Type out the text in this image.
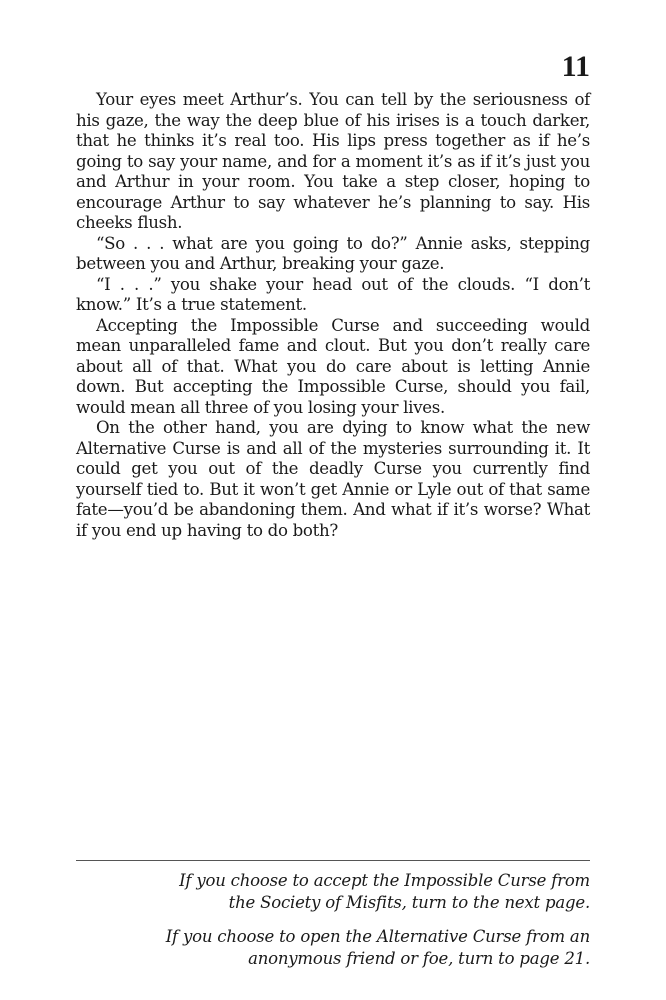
11

Your eyes meet Arthur’s. You can tell by the seriousness of his gaze, the way the deep blue of his irises is a touch darker, that he thinks it’s real too. His lips press together as if he’s going to say your name, and for a moment it’s as if it’s just you and Arthur in your room. You take a step closer, hoping to encourage Arthur to say whatever he’s planning to say. His cheeks flush.

“So . . . what are you going to do?” Annie asks, stepping between you and Arthur, breaking your gaze.

“I . . .” you shake your head out of the clouds. “I don’t know.” It’s a true statement.

Accepting the Impossible Curse and succeeding would mean unparalleled fame and clout. But you don’t really care about all of that. What you do care about is letting Annie down. But accepting the Impossible Curse, should you fail, would mean all three of you losing your lives.

On the other hand, you are dying to know what the new Alternative Curse is and all of the mysteries surrounding it. It could get you out of the deadly Curse you currently find yourself tied to. But it won’t get Annie or Lyle out of that same fate—you’d be abandoning them. And what if it’s worse? What if you end up having to do both?

If you choose to accept the Impossible Curse from the Society of Misfits, turn to the next page.

If you choose to open the Alternative Curse from an anonymous friend or foe, turn to page 21.
